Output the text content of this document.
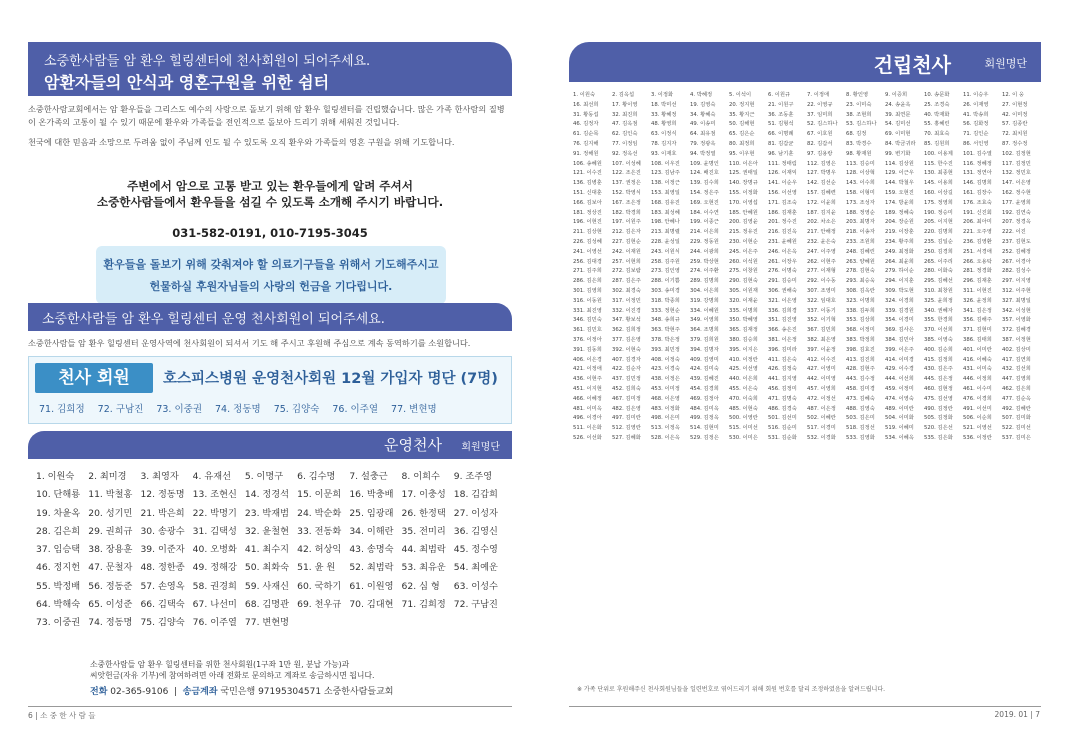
소중한사람들 암 환우 힐링센터에 천사회원이 되어주세요.
암환자들의 안식과 영혼구원을 위한 쉼터

소중한사람교회에서는 암 환우들을 그리스도 예수의 사랑으로 돌보기 위해 암 환우 힐링센터를 건립했습니다. 많은 가족 한사람의 질병이 온가족의 고통이 될 수 있기 때문에 환우와 가족들을 전인적으로 돌보아 드리기 위해 세워진 것입니다.

천국에 대한 믿음과 소망으로 두려움 없이 주님께 인도 될 수 있도록 오직 환우와 가족들의 영혼 구원을 위해 기도합니다.

주변에서 암으로 고통 받고 있는 환우들에게 알려 주셔서
소중한사람들에서 환우들을 섬길 수 있도록 소개해 주시기 바랍니다.
031-582-0191, 010-7195-3045
환우들을 돌보기 위해 갖춰져야 할 의료기구들을 위해서 기도해주시고
헌물하실 후원자님들의 사랑의 헌금을 기다립니다.
소중한사람들 암 환우 힐링센터 운영 천사회원이 되어주세요.
소중한사람들 암 환우 힐링센터 운영사역에 천사회원이 되셔서 기도 해 주시고 후원해 주심으로 계속 동역하기를 소원합니다.
천사 회원	호스피스병원 운영천사회원 12월 가입자 명단 (7명)
71. 김희정 72. 구남진 73. 이중권 74. 정동명 75. 김양숙 76. 이주열 77. 변현명
운영천사 회원명단
1. 이원숙	2. 최미경	3. 최영자	4. 유재선	5. 이명구	6. 김수명	7. 설충근	8. 이희수	9. 조주영
10. 단해룡 11. 박철홍 12. 정동명 13. 조현신 14. 정경석 15. 이문희 16. 박충배 17. 이충성 18. 김갑희
19. 차윤옥 20. 성기민 21. 박은희 22. 박명기 23. 박재범 24. 박순화 25. 임광래 26. 한정택 27. 이성자
28. 김은희 29. 권희규 30. 송광수 31. 김택성 32. 윤철현 33. 전동화 34. 이해란 35. 전미리 36. 김영신
37. 임승택 38. 장용훈 39. 이준자 40. 오병화 41. 최수지 42. 허상익 43. 송명숙 44. 최범락 45. 정수영
46. 정지헌 47. 문철자 48. 정한종 49. 정해강 50. 최화숙 51. 윤 원	52. 최범락 53. 최유운 54. 최예운
55. 박정배 56. 정동준 57. 손영옥 58. 권경희 59. 사재신 60. 국하기 61. 이원영 62. 심 형	63. 이성수
64. 박해숙 65. 이성준 66. 김택숙 67. 나선미 68. 김명관 69. 천우규 70. 김대현 71. 김희정 72. 구남진
73. 이중권 74. 정동명 75. 김양숙 76. 이주열 77. 변현명
소중한사람들 암 환우 힐링센터를 위한 천사회원(1구좌 1만 원, 분납 가능)과
씨앗헌금(자유 기부)에 참여하려면 아래 전화로 문의하고 계좌로 송금하시면 됩니다.
전화 02-365-9106  |  송금계좌 국민은행 97195304571 소중한사람들교회
6 | 소 중 한 사 람 들
건립천사	회원명단
1. 이원숙	2. 김옥섭	3. 이정화	4. 박혜정	5. 이석이	6. 이원규	7. 이정애	8. 황인영	9. 이증희	10. 송문화	11. 이승우	12. 이 웅
16. 최선희	17. 황이영	18. 박미선	19. 김영숙	20. 정지현	21. 이원구	22. 이영규	23. 이미숙	24. 송윤옥	25. 조경숙	26. 이재영	27. 이현정
31. 황동섭	32. 최진희	33. 황혜정	34. 황혜숙	35. 황지근	36. 조동훈	37. 임미희	38. 조현희	39. 최연문	40. 박재화	41. 박송희	42. 이미정
46. 김정자	47. 김옥점	48. 황영희	49. 이송미	50. 김해현	51. 김형석	52. 김스하나	53. 김스하나	54. 김미선	55. 홍혜린	56. 김화정	57. 김종란
61. 김순목	62. 김인숙	63. 이정식	64. 최유점	65. 김은순	66. 이명례	67. 이호원	68. 김정	69. 이미현	70. 최효숙	71. 김인순	72. 최치원
76. 김지해	77. 이정임	78. 김지자	79. 정광옥	80. 최정희	81. 김갑균	82. 김갑서	83. 박경수	84. 박금귀라	85. 김원희	86. 서인영	87. 정수정
91. 정해원	92. 정옥선	93. 이재호	94. 박정열	95. 이우현	96. 남기훈	97. 김용랑	98. 황재원	99. 변기화	100. 이용제	101. 김수열	102. 김정현
106. 송혜원	107. 이성혜	108. 이우진	109. 윤명인	110. 이은아	111. 정태림	112. 김영은	113. 김승미	114. 김상원	115. 한수진	116. 정혜정	117. 김정민
121. 이수진	122. 조은진	123. 김남주	124. 배진호	125. 권태일	126. 이재익	127. 박명우	128. 이상혁	129. 이근우	130. 최종현	131. 정연아	132. 정민호
136. 김병훈	137. 권정은	138. 이정근	139. 김수희	140. 장명규	141. 이순우	142. 김선순	143. 이수희	144. 박철우	145. 이용희	146. 김명희	147. 이은영
151. 신대훈	152. 박영식	153. 최영일	154. 정은주	155. 이정화	156. 이선영	157. 김혜련	158. 이형미	159. 오현진	160. 이상길	161. 김장수	162. 정수현
166. 김보아	167. 조은정	168. 김유진	169. 오현진	170. 이영섭	171. 김조숙	172. 이윤희	173. 조성자	174. 방윤희	175. 정영희	176. 조효숙	177. 윤영희
181. 정상진	182. 박경희	183. 최성혜	184. 이수연	185. 안혜원	186. 김재훈	187. 김지윤	188. 정영순	189. 정혜숙	190. 정승미	191. 신진회	192. 김연숙
196. 이현진	197. 이원주	198. 안혜나	199. 이종근	200. 김영윤	201. 정수진	202. 차소은	203. 최명자	204. 장순원	205. 이지현	206. 최아미	207. 정경옥
211. 김상현	212. 김은자	213. 최명렬	214. 이은희	215. 정유진	216. 김진옥	217. 안해정	218. 이송자	219. 이장훈	220. 김명희	221. 오주영	222. 이진
226. 김성혜	227. 김현순	228. 윤성일	229. 정동원	230. 이현순	231. 윤혜원	232. 윤은숙	233. 조원희	234. 황주희	235. 김일순	236. 김영환	237. 김현도
241. 이영선	242. 이재원	243. 이원식	244. 이광희	245. 이은주	246. 이은옥	247. 이주영	248. 김혜린	249. 최정화	250. 김경희	251. 서경애	252. 김혜정
256. 김대경	257. 이현희	258. 김주원	259. 박상현	260. 이석원	261. 이장우	262. 이현주	263. 양혜원	264. 최윤희	265. 이주리	266. 오용탁	267. 이경아
271. 김주희	272. 김보람	273. 김인영	274. 이주환	275. 이창원	276. 이명숙	277. 이재형	278. 김현숙	279. 하이순	280. 이화숙	281. 정경화	282. 김성수
286. 김은희	287. 김은주	288. 이기쁨	289. 김명희	290. 김현숙	291. 김승미	292. 이수동	293. 최승욱	294. 이지훈	295. 김혜선	296. 김재훈	297. 이지영
301. 김영희	302. 최경숙	303. 송미경	304. 이은희	305. 이원재	306. 권해숙	307. 조영미	308. 김옥란	309. 박도현	310. 최창원	311. 이현진	312. 이주현
316. 이동원	317. 이정민	318. 박종희	319. 강명희	320. 이재윤	321. 이은영	322. 임대호	323. 이명희	324. 이경희	325. 윤희정	326. 윤정희	327. 최명일
331. 최진영	332. 이진경	333. 정현순	334. 이혜원	335. 이명희	336. 김희경	337. 이동기	338. 김두희	339. 김경원	340. 권혜자	341. 김은정	342. 이성현
346. 김민숙	347. 황보석	348. 송희규	349. 이영희	350. 박혜영	351. 김진영	352. 이기혁	353. 김상희	354. 이경미	355. 한경희	356. 김해주	357. 이영화
361. 김민호	362. 김희정	363. 박현주	364. 조명희	365. 김재정	366. 송은진	367. 김민희	368. 이정미	369. 김사은	370. 이선희	371. 김현미	372. 김혜경
376. 이정아	377. 김은영	378. 박은정	379. 김희원	380. 김승희	381. 이은정	382. 최은영	383. 박정희	384. 김민아	385. 이영숙	386. 김태희	387. 이정현
391. 김동희	392. 이현숙	393. 최민정	394. 김명자	395. 이지은	396. 김미라	397. 이윤정	398. 김효진	399. 이은주	400. 김순희	401. 이미란	402. 김상미
406. 이은경	407. 김경자	408. 이정숙	409. 김영미	410. 이정란	411. 김은숙	412. 이수진	413. 김진희	414. 이미경	415. 김정희	416. 이혜숙	417. 김연희
421. 이정애	422. 김순자	423. 이경숙	424. 김미숙	425. 이선영	426. 김정숙	427. 이영미	428. 김현주	429. 이수경	430. 김은주	431. 이미숙	432. 김선희
436. 이현주	437. 김민정	438. 이정은	439. 김혜진	440. 이은희	441. 김지영	442. 이미영	443. 김수정	444. 이선희	445. 김은정	446. 이정희	447. 김영희
451. 이지현	452. 김희숙	453. 이미정	454. 김경희	455. 이은숙	456. 김정미	457. 이영희	458. 김미경	459. 이정미	460. 김현정	461. 이수미	462. 김은희
466. 이혜정	467. 김미정	468. 이은영	469. 김정아	470. 이숙희	471. 김명숙	472. 이정선	473. 김혜숙	474. 이영숙	475. 김선영	476. 이경희	477. 김순옥
481. 이미옥	482. 김은영	483. 이정화	484. 김미옥	485. 이현숙	486. 김경숙	487. 이은정	488. 김영숙	489. 이미란	490. 김정란	491. 이선미	492. 김혜란
496. 이경아	497. 김미란	498. 이은미	499. 김정옥	500. 이영란	501. 김선미	502. 이혜란	503. 김은미	504. 이미화	505. 김정화	506. 이순희	507. 김미화
511. 이은화	512. 김영란	513. 이정옥	514. 김현미	515. 이미선	516. 김순미	517. 이경미	518. 김정선	519. 이혜미	520. 김은선	521. 이영선	522. 김미선
526. 이선화	527. 김혜화	528. 이은옥	529. 김정은	530. 이미은	531. 김순화	532. 이경화	533. 김영화	534. 이혜옥	535. 김은화	536. 이정란	537. 김미은
※ 가족 단위로 후원해주신 천사회원님들을 일련번호로 엮어드리기 위해 회원 번호를 달리 조정하였음을 알려드립니다.
2019. 01 | 7
